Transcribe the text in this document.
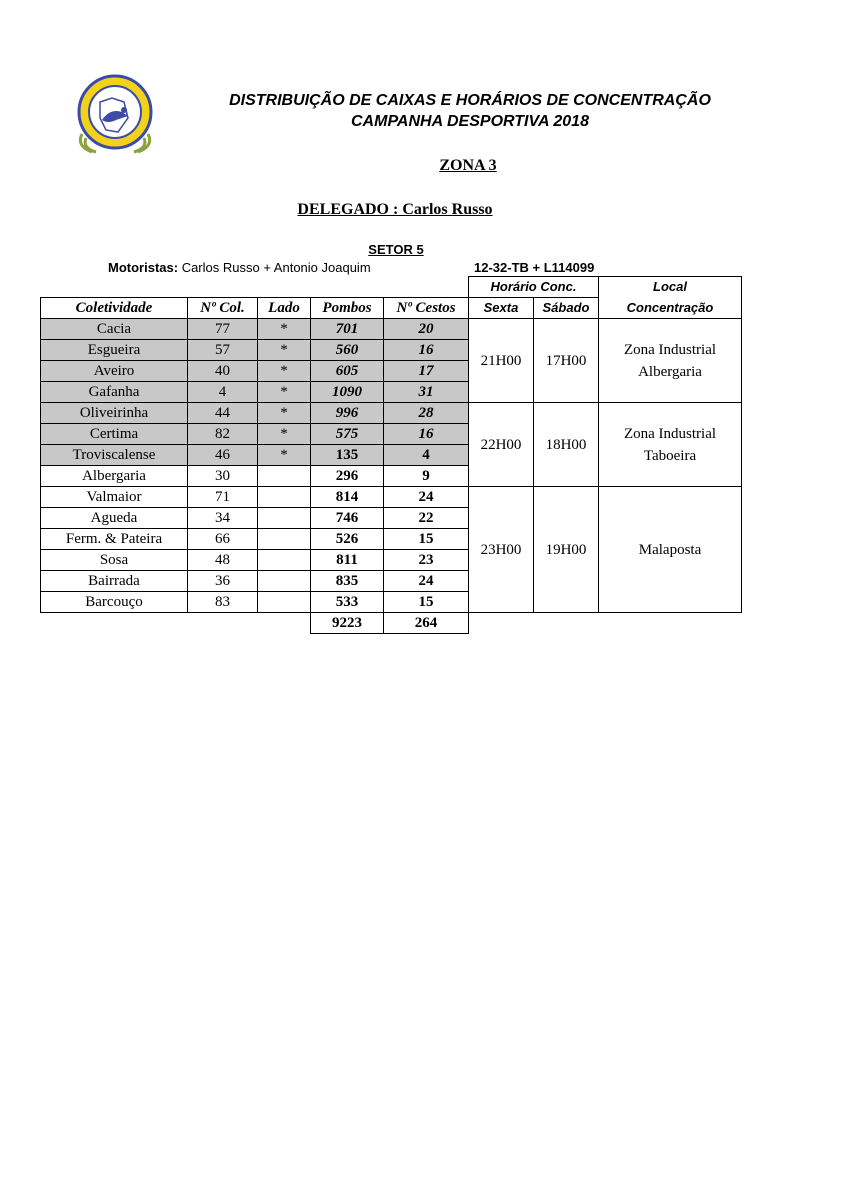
DISTRIBUIÇÃO DE CAIXAS E HORÁRIOS DE CONCENTRAÇÃO
CAMPANHA DESPORTIVA 2018
ZONA 3
DELEGADO : Carlos Russo
SETOR 5
Motoristas: Carlos Russo + Antonio Joaquim	12-32-TB + L114099
					Horário Conc.		Local
Coletividade	Nº Col.	Lado	Pombos	Nº Cestos	Sexta	Sábado	Concentração
Cacia	77	*	701	20	21H00	17H00	Zona Industrial
Albergaria

Esgueira	57	*	560	16			
Aveiro	40	*	605	17			
Gafanha	4	*	1090	31			
Oliveirinha	44	*	996	28	22H00	18H00	Zona Industrial
Taboeira

Certima	82	*	575	16			
Troviscalense	46	*	135	4			
Albergaria	30		296	9			
Valmaior	71		814	24	23H00	19H00	Malaposta

Agueda	34		746	22			
Ferm. & Pateira	66		526	15			
Sosa	48		811	23			
Bairrada	36		835	24			
Barcouço	83		533	15			
			9223	264			
